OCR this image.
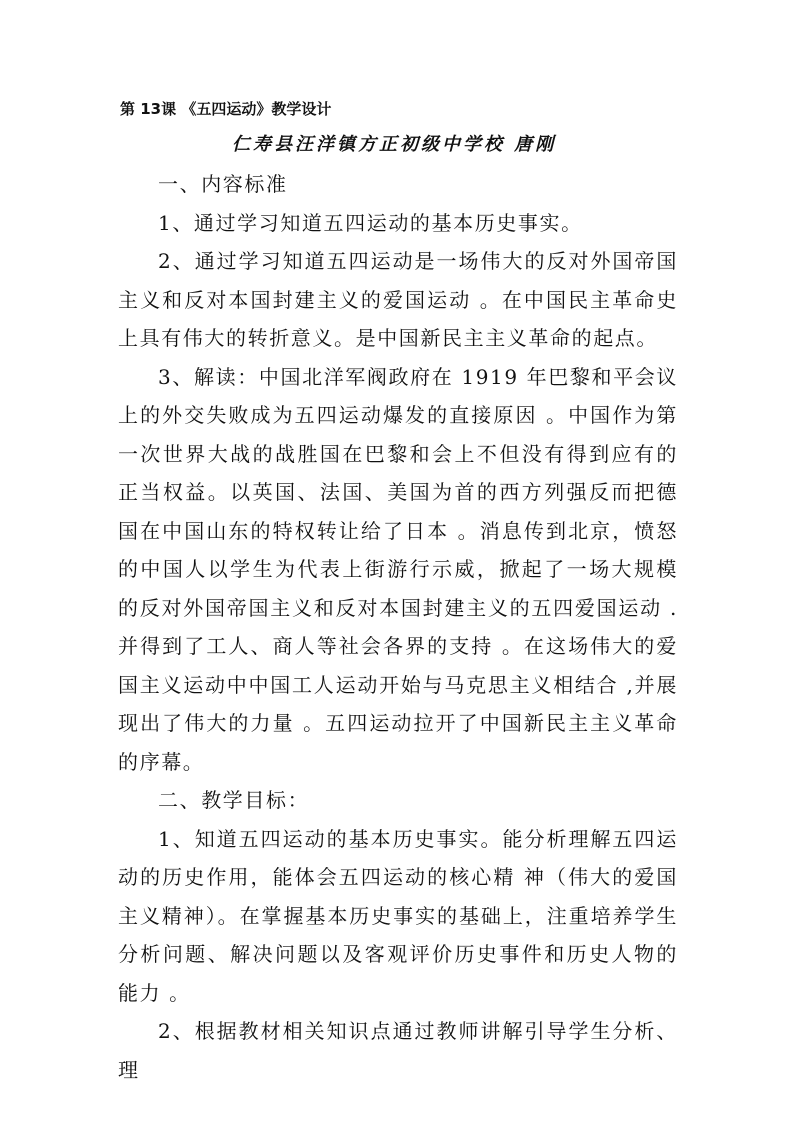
第 13课 《五四运动》教学设计
仁寿县汪洋镇方正初级中学校 唐刚

一、内容标准

1、通过学习知道五四运动的基本历史事实。

2、通过学习知道五四运动是一场伟大的反对外国帝国主义和反对本国封建主义的爱国运动 。在中国民主革命史上具有伟大的转折意义。是中国新民主主义革命的起点。

3、解读：中国北洋军阀政府在 1919 年巴黎和平会议上的外交失败成为五四运动爆发的直接原因 。中国作为第一次世界大战的战胜国在巴黎和会上不但没有得到应有的正当权益。以英国、法国、美国为首的西方列强反而把德国在中国山东的特权转让给了日本 。消息传到北京，愤怒的中国人以学生为代表上街游行示威，掀起了一场大规模的反对外国帝国主义和反对本国封建主义的五四爱国运动 .并得到了工人、商人等社会各界的支持 。在这场伟大的爱国主义运动中中国工人运动开始与马克思主义相结合 ,并展现出了伟大的力量 。五四运动拉开了中国新民主主义革命的序幕。

二、教学目标：

1、知道五四运动的基本历史事实。能分析理解五四运动的历史作用，能体会五四运动的核心精 神（伟大的爱国主义精神）。在掌握基本历史事实的基础上，注重培养学生分析问题、解决问题以及客观评价历史事件和历史人物的能力 。

2、根据教材相关知识点通过教师讲解引导学生分析、理
